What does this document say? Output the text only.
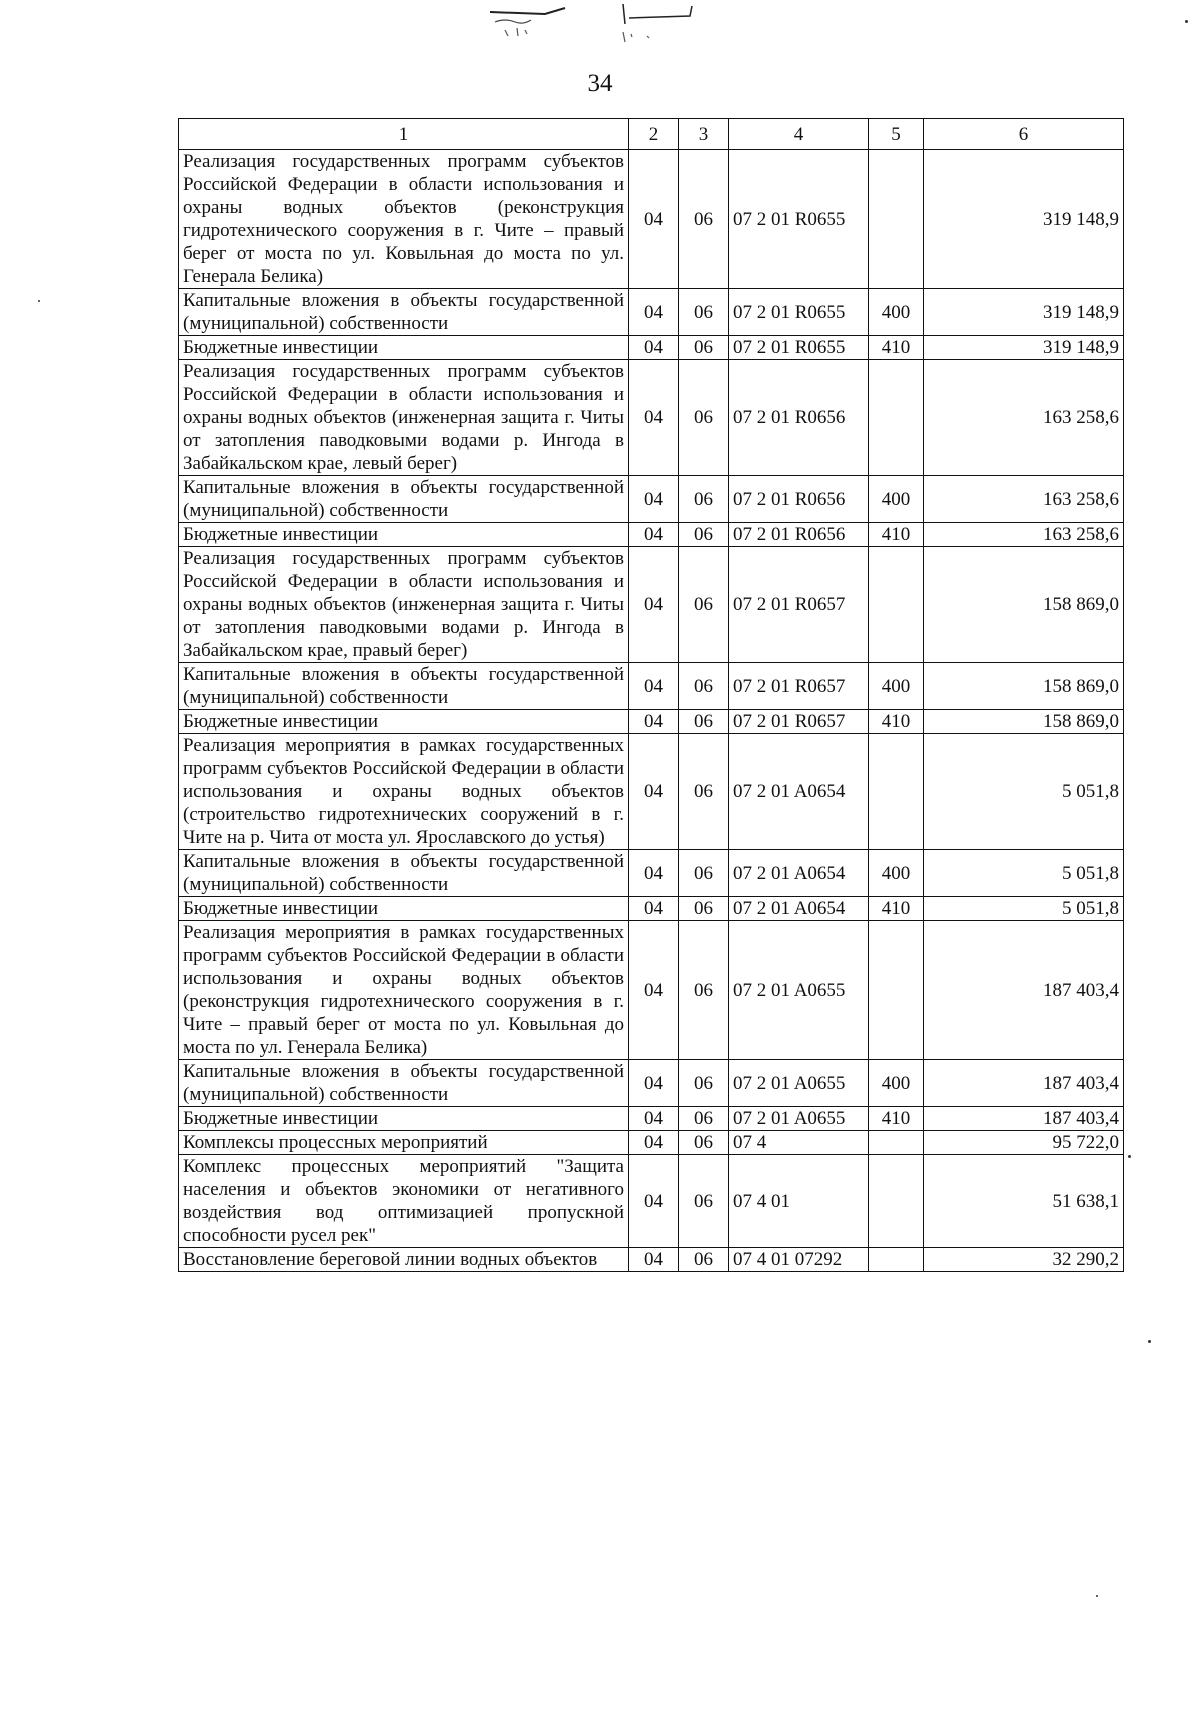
34
1	2	3	4	5	6
Реализация государственных программ субъектов Российской Федерации в области использования и охраны водных объектов (реконструкция гидротехнического сооружения в г. Чите – правый берег от моста по ул. Ковыльная до моста по ул. Генерала Белика)	04	06	07 2 01 R0655		319 148,9
Капитальные вложения в объекты государственной (муниципальной) собственности	04	06	07 2 01 R0655	400	319 148,9
Бюджетные инвестиции	04	06	07 2 01 R0655	410	319 148,9
Реализация государственных программ субъектов Российской Федерации в области использования и охраны водных объектов (инженерная защита г. Читы от затопления паводковыми водами р. Ингода в Забайкальском крае, левый берег)	04	06	07 2 01 R0656		163 258,6
Капитальные вложения в объекты государственной (муниципальной) собственности	04	06	07 2 01 R0656	400	163 258,6
Бюджетные инвестиции	04	06	07 2 01 R0656	410	163 258,6
Реализация государственных программ субъектов Российской Федерации в области использования и охраны водных объектов (инженерная защита г. Читы от затопления паводковыми водами р. Ингода в Забайкальском крае, правый берег)	04	06	07 2 01 R0657		158 869,0
Капитальные вложения в объекты государственной (муниципальной) собственности	04	06	07 2 01 R0657	400	158 869,0
Бюджетные инвестиции	04	06	07 2 01 R0657	410	158 869,0
Реализация мероприятия в рамках государственных программ субъектов Российской Федерации в области использования и охраны водных объектов (строительство гидротехнических сооружений в г. Чите на р. Чита от моста ул. Ярославского до устья)	04	06	07 2 01 A0654		5 051,8
Капитальные вложения в объекты государственной (муниципальной) собственности	04	06	07 2 01 A0654	400	5 051,8
Бюджетные инвестиции	04	06	07 2 01 A0654	410	5 051,8
Реализация мероприятия в рамках государственных программ субъектов Российской Федерации в области использования и охраны водных объектов (реконструкция гидротехнического сооружения в г. Чите – правый берег от моста по ул. Ковыльная до моста по ул. Генерала Белика)	04	06	07 2 01 A0655		187 403,4
Капитальные вложения в объекты государственной (муниципальной) собственности	04	06	07 2 01 A0655	400	187 403,4
Бюджетные инвестиции	04	06	07 2 01 A0655	410	187 403,4
Комплексы процессных мероприятий	04	06	07 4		95 722,0
Комплекс процессных мероприятий "Защита населения и объектов экономики от негативного воздействия вод оптимизацией пропускной способности русел рек"	04	06	07 4 01		51 638,1
Восстановление береговой линии водных объектов	04	06	07 4 01 07292		32 290,2
